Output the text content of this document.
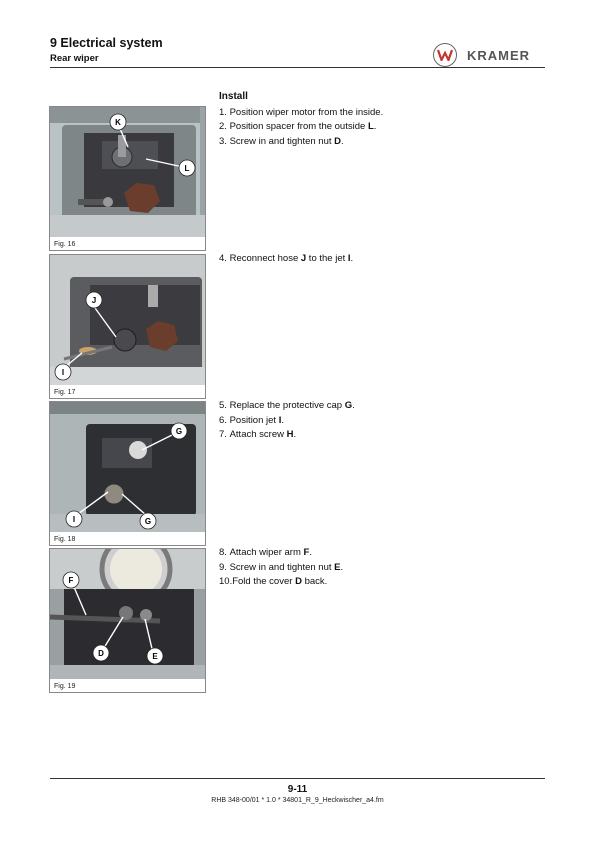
9 Electrical system
Rear wiper	KRAMER
K
L
Fig. 16
J
I
Fig. 17
G
I	G
Fig. 18
F
D	E
Fig. 19
Install
1. Position wiper motor from the inside.
2. Position spacer from the outside L.
3. Screw in and tighten nut D.
4. Reconnect hose J to the jet I.
5. Replace the protective cap G.
6. Position jet I.
7. Attach screw H.
8. Attach wiper arm F.
9. Screw in and tighten nut E.
10.Fold the cover D back.
9-11
RHB 348-00/01 * 1.0 * 34801_R_9_Heckwischer_a4.fm
